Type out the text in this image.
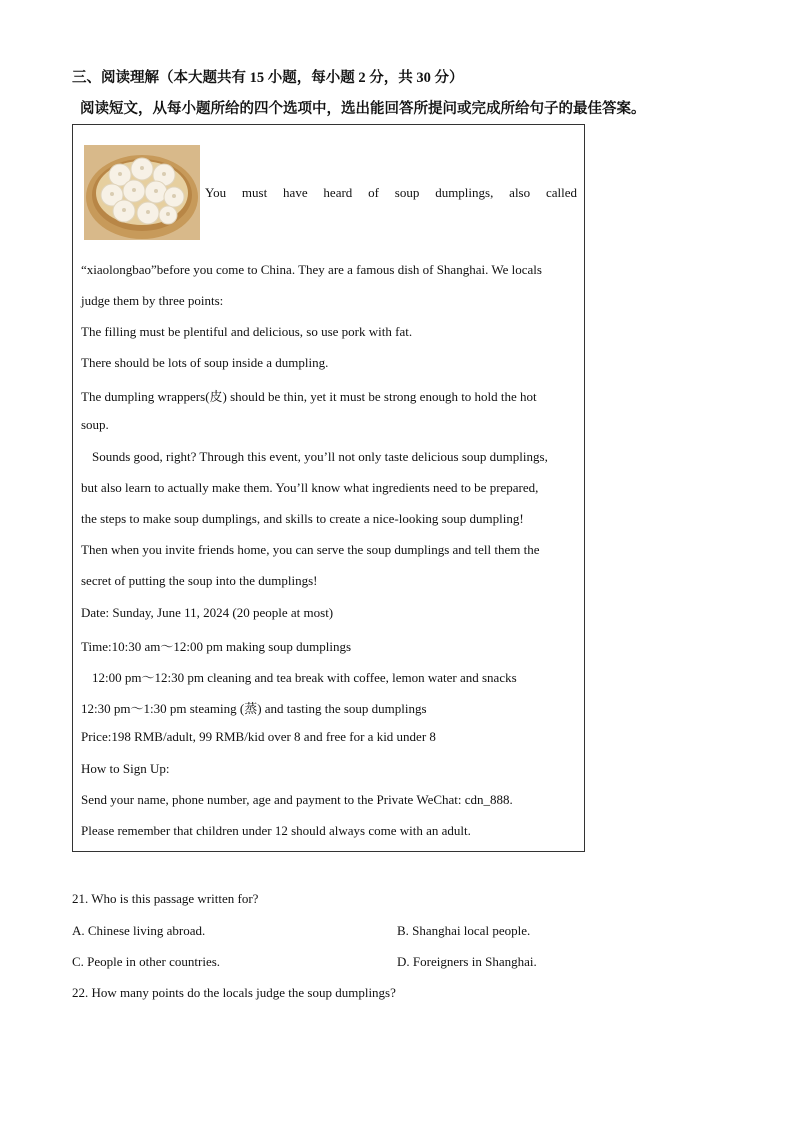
三、阅读理解（本大题共有 15 小题，每小题 2 分，共 30 分）
阅读短文，从每小题所给的四个选项中，选出能回答所提问或完成所给句子的最佳答案。
You must have heard of soup dumplings, also called
“xiaolongbao”before you come to China. They are a famous dish of Shanghai. We locals
judge them by three points:
The filling must be plentiful and delicious, so use pork with fat.
There should be lots of soup inside a dumpling.
The dumpling wrappers(皮) should be thin, yet it must be strong enough to hold the hot
soup.
Sounds good, right? Through this event, you’ll not only taste delicious soup dumplings,
but also learn to actually make them. You’ll know what ingredients need to be prepared,
the steps to make soup dumplings, and skills to create a nice-looking soup dumpling!
Then when you invite friends home, you can serve the soup dumplings and tell them the
secret of putting the soup into the dumplings!
Date: Sunday, June 11, 2024 (20 people at most)
Time:10:30 am～12:00 pm making soup dumplings
12:00 pm～12:30 pm cleaning and tea break with coffee, lemon water and snacks
12:30 pm～1:30 pm steaming (蒸) and tasting the soup dumplings
Price:198 RMB/adult, 99 RMB/kid over 8 and free for a kid under 8
How to Sign Up:
Send your name, phone number, age and payment to the Private WeChat: cdn_888.
Please remember that children under 12 should always come with an adult.
21. Who is this passage written for?
A. Chinese living abroad.	B. Shanghai local people.
C. People in other countries.	D. Foreigners in Shanghai.
22. How many points do the locals judge the soup dumplings?
